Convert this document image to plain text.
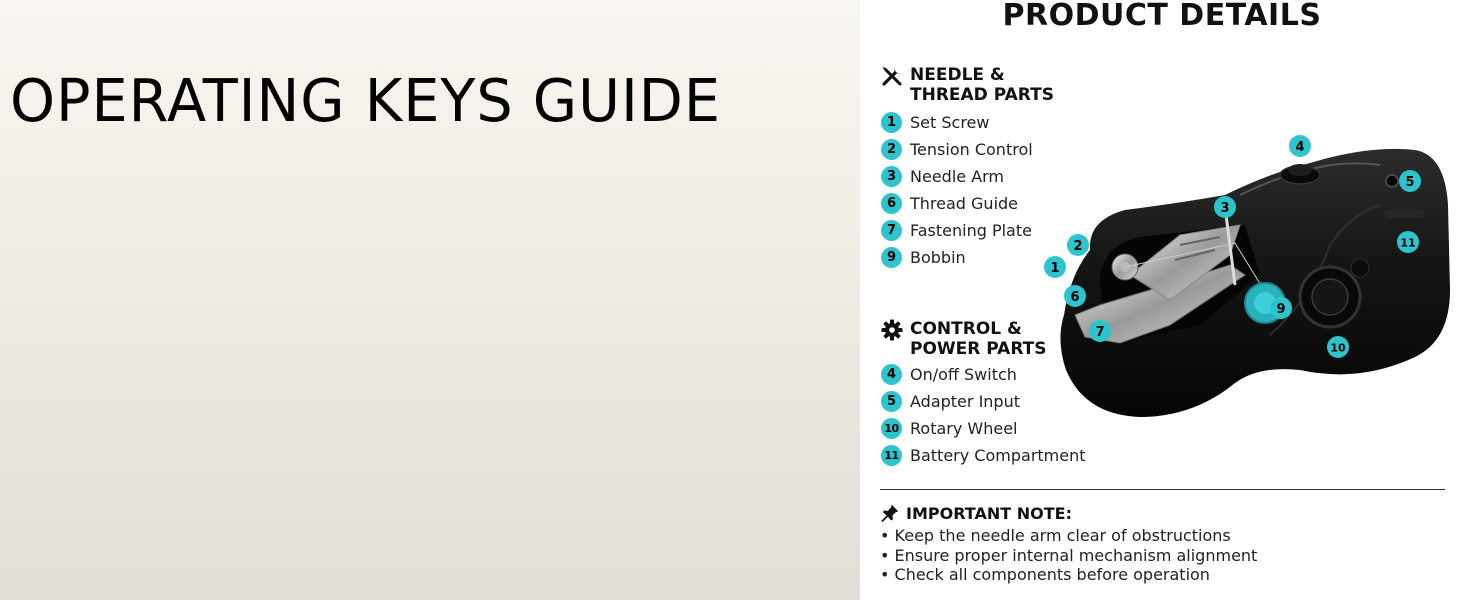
OPERATING KEYS GUIDE
PRODUCT DETAILS
NEEDLE &
THREAD PARTS
1 Set Screw
2 Tension Control
3 Needle Arm
6 Thread Guide
7 Fastening Plate
9 Bobbin
CONTROL &
POWER PARTS
4 On/off Switch
5 Adapter Input
10 Rotary Wheel
11 Battery Compartment
IMPORTANT NOTE:
• Keep the needle arm clear of obstructions
• Ensure proper internal mechanism alignment
• Check all components before operation
1
2
3
4
5
6
7
9
10
11
